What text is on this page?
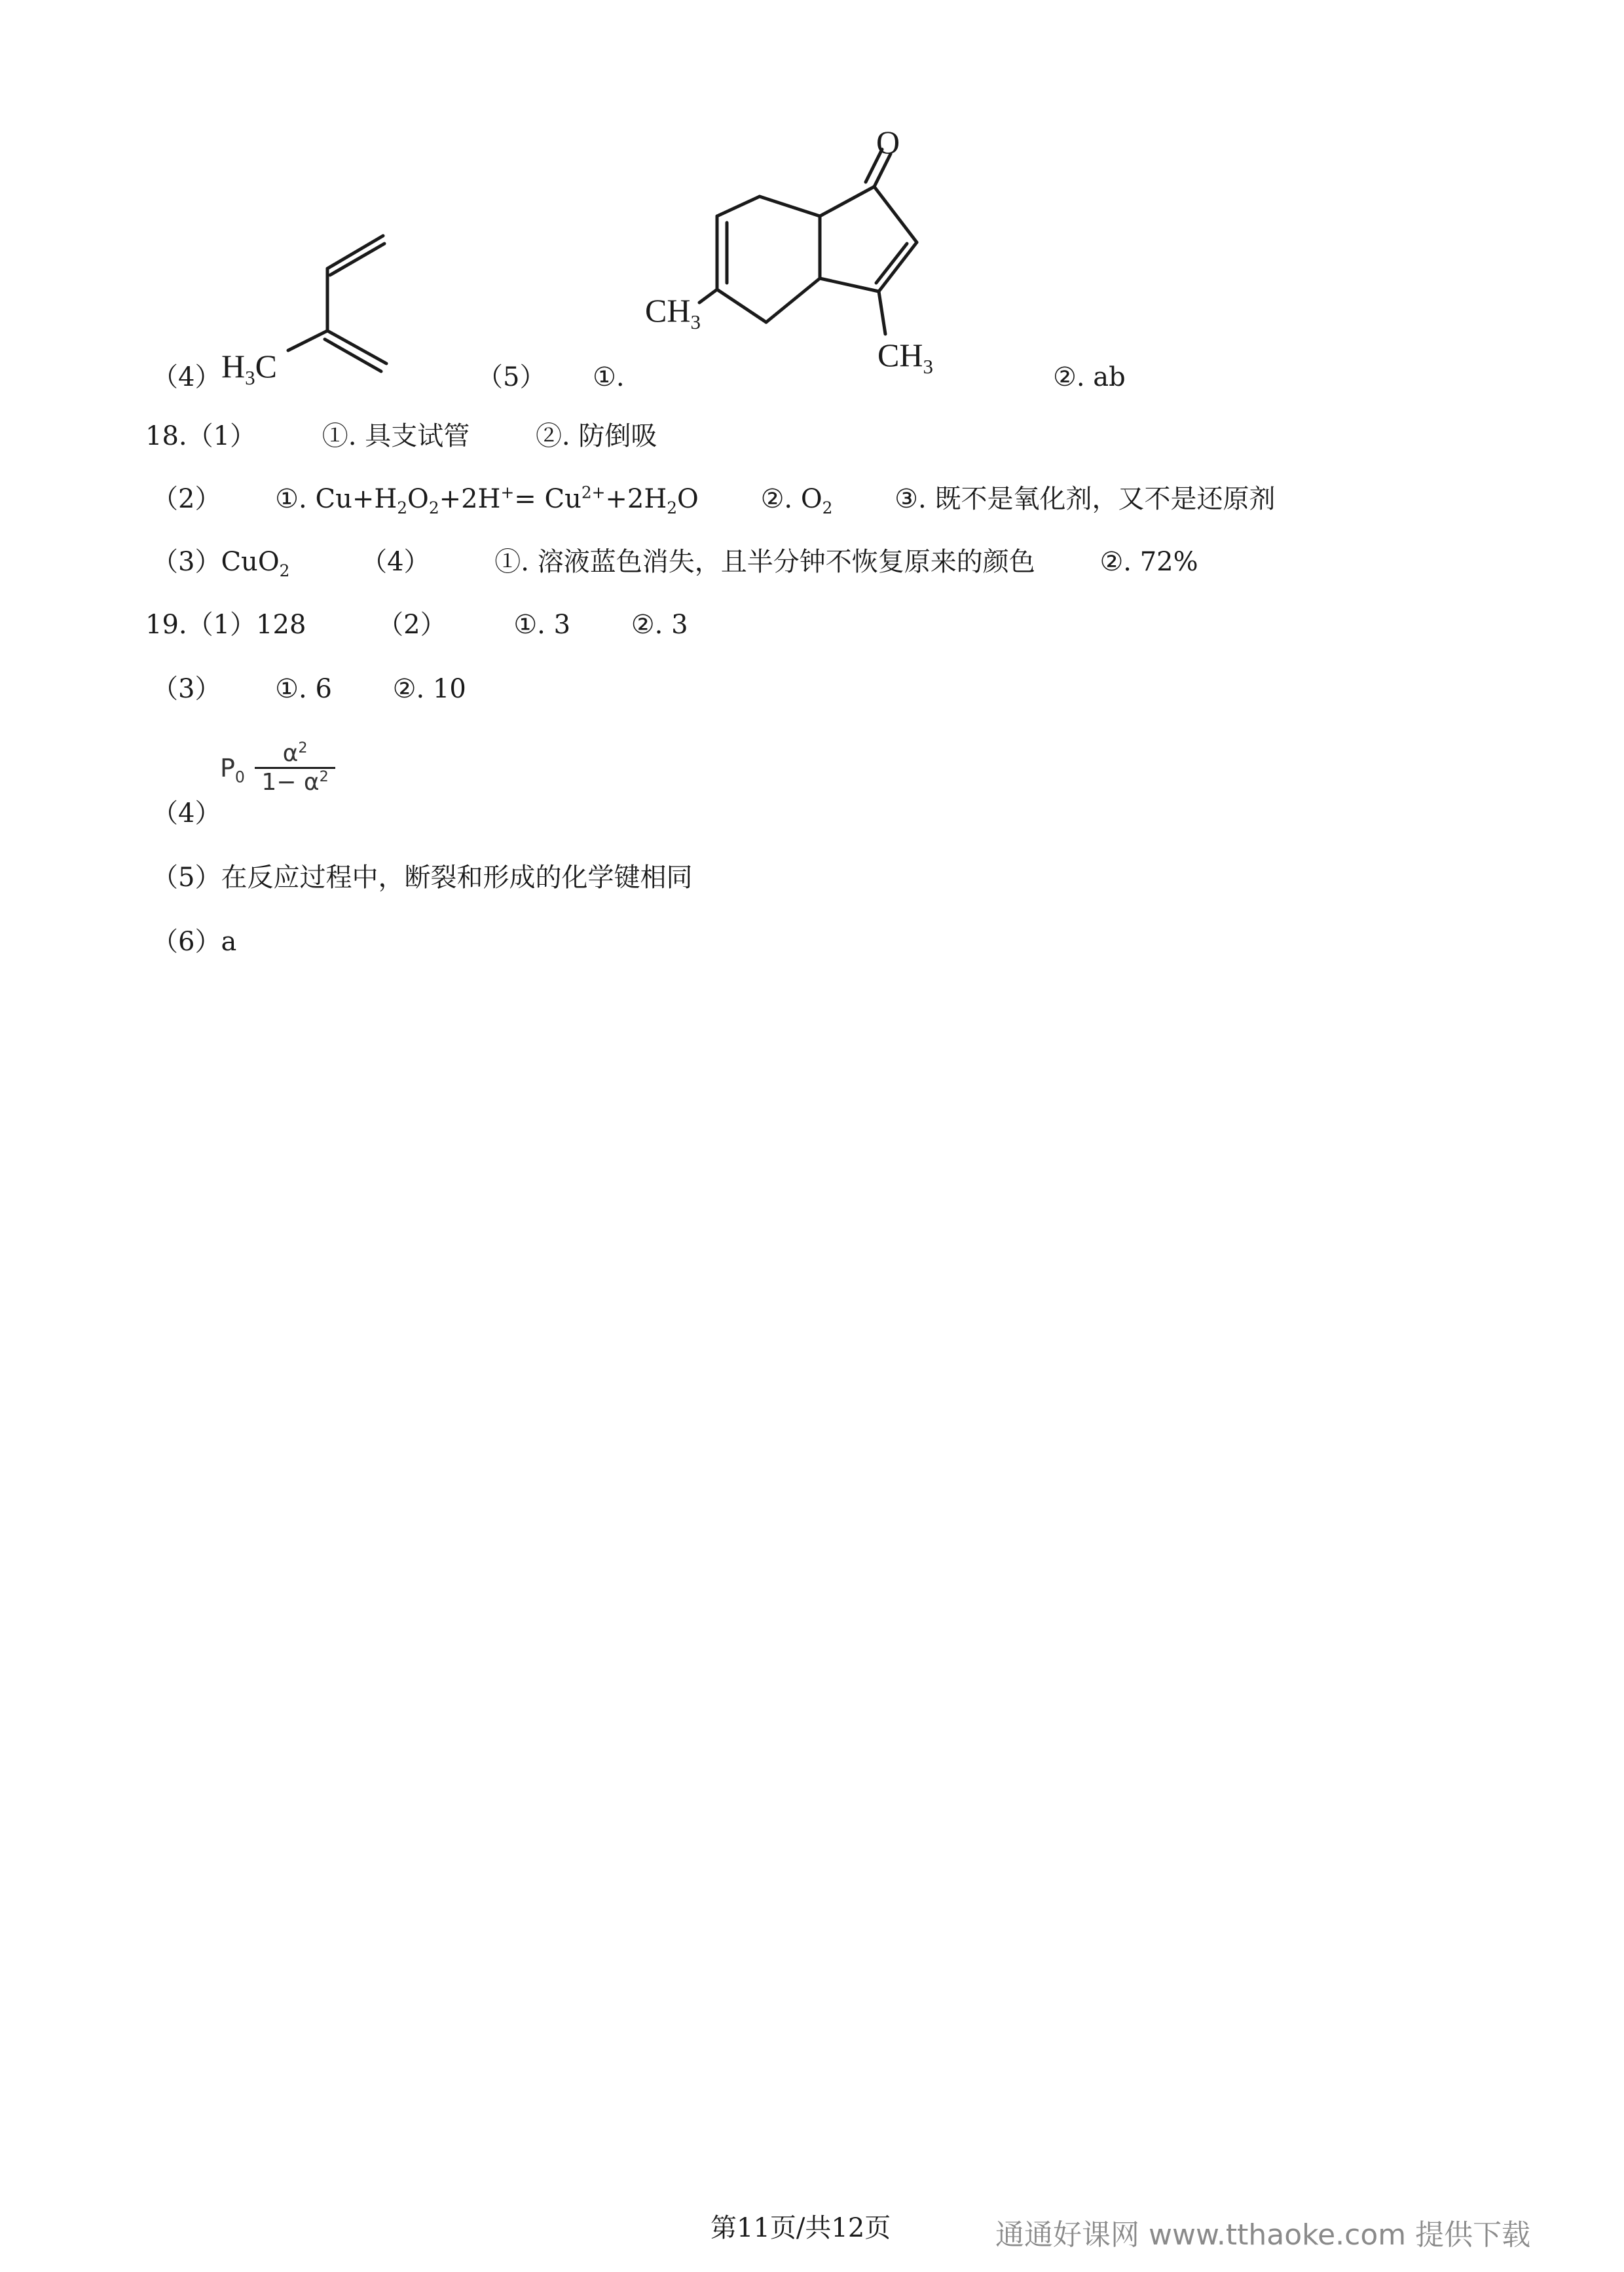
（4） $H_3C$	（5） ①.
O
$CH_3$
$CH_3$	②. ab
18.（1）	①. 具支试管	②. 防倒吸
（2） ①. $Cu+H_2O_2+2H^+= Cu^{2+}+2H_2O$ ②. $O_2$ ③. 既不是氧化剂，又不是还原剂
（3）CuO$_2$	（4） ①. 溶液蓝色消失，且半分钟不恢复原来的颜色 ②. 72%
19.（1）128	（2）	①. 3 ②. 3
（3） ①. 6 ②. 10
（4）
$P_0 \frac{\alpha^2}{1- \alpha^2}$
（5）在反应过程中，断裂和形成的化学键相同
（6）a
第11页/共12页	通通好课网 www.tthaoke.com 提供下载
